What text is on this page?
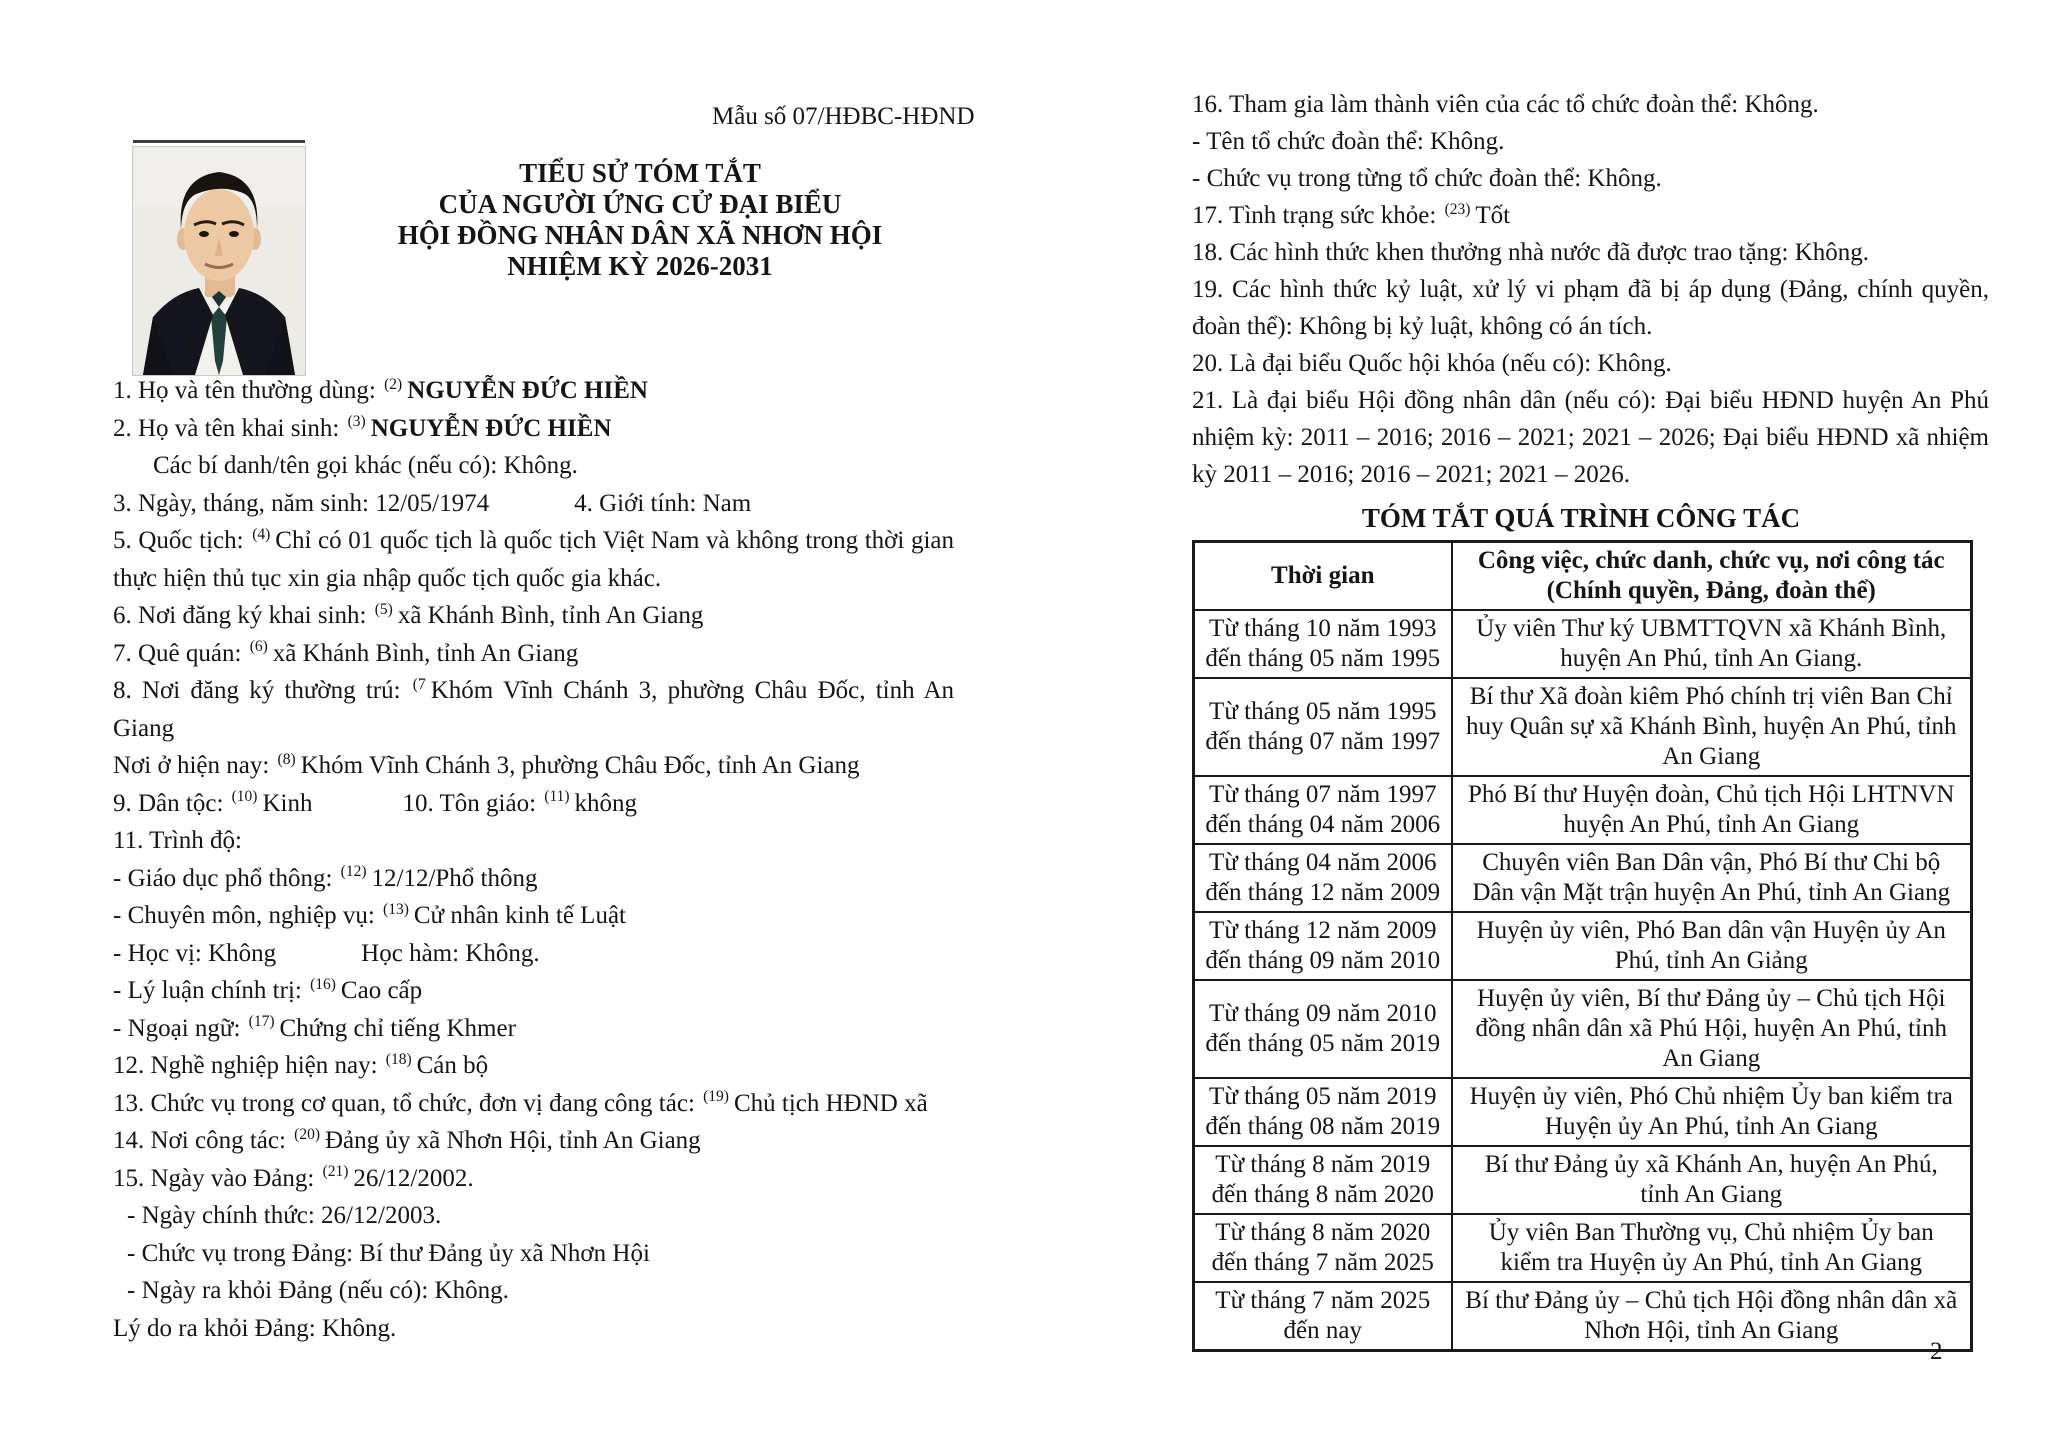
Mẫu số 07/HĐBC-HĐND

TIỂU SỬ TÓM TẮT

CỦA NGƯỜI ỨNG CỬ ĐẠI BIỂU

HỘI ĐỒNG NHÂN DÂN XÃ NHƠN HỘI

NHIỆM KỲ 2026-2031

1. Họ và tên thường dùng: $^{(2)}$ NGUYỄN ĐỨC HIỀN

2. Họ và tên khai sinh: $^{(3)}$ NGUYỄN ĐỨC HIỀN

Các bí danh/tên gọi khác (nếu có): Không.

3. Ngày, tháng, năm sinh: 12/05/1974	4. Giới tính: Nam

5. Quốc tịch: $^{(4)}$ Chỉ có 01 quốc tịch là quốc tịch Việt Nam và không trong thời gian thực hiện thủ tục xin gia nhập quốc tịch quốc gia khác.

6. Nơi đăng ký khai sinh: $^{(5)}$ xã Khánh Bình, tỉnh An Giang

7. Quê quán: $^{(6)}$ xã Khánh Bình, tỉnh An Giang

8. Nơi đăng ký thường trú: $^{(7}$ Khóm Vĩnh Chánh 3, phường Châu Đốc, tỉnh An Giang

Nơi ở hiện nay: $^{(8)}$ Khóm Vĩnh Chánh 3, phường Châu Đốc, tỉnh An Giang

9. Dân tộc: $^{(10)}$ Kinh	10. Tôn giáo: $^{(11)}$ không

11. Trình độ:

- Giáo dục phổ thông: $^{(12)}$ 12/12/Phổ thông

- Chuyên môn, nghiệp vụ: $^{(13)}$ Cử nhân kinh tế Luật

- Học vị: Không	Học hàm: Không.

- Lý luận chính trị: $^{(16)}$ Cao cấp

- Ngoại ngữ: $^{(17)}$ Chứng chỉ tiếng Khmer

12. Nghề nghiệp hiện nay: $^{(18)}$ Cán bộ

13. Chức vụ trong cơ quan, tổ chức, đơn vị đang công tác: $^{(19)}$ Chủ tịch HĐND xã

14. Nơi công tác: $^{(20)}$ Đảng ủy xã Nhơn Hội, tỉnh An Giang

15. Ngày vào Đảng: $^{(21)}$ 26/12/2002.

- Ngày chính thức: 26/12/2003.

- Chức vụ trong Đảng: Bí thư Đảng ủy xã Nhơn Hội

- Ngày ra khỏi Đảng (nếu có): Không.

Lý do ra khỏi Đảng: Không.

16. Tham gia làm thành viên của các tổ chức đoàn thể: Không.

- Tên tổ chức đoàn thể: Không.

- Chức vụ trong từng tổ chức đoàn thể: Không.

17. Tình trạng sức khỏe: $^{(23)}$ Tốt

18. Các hình thức khen thưởng nhà nước đã được trao tặng: Không.

19. Các hình thức kỷ luật, xử lý vi phạm đã bị áp dụng (Đảng, chính quyền, đoàn thể): Không bị kỷ luật, không có án tích.

20. Là đại biểu Quốc hội khóa (nếu có): Không.

21. Là đại biểu Hội đồng nhân dân (nếu có): Đại biểu HĐND huyện An Phú nhiệm kỳ: 2011 – 2016; 2016 – 2021; 2021 – 2026; Đại biểu HĐND xã nhiệm kỳ 2011 – 2016; 2016 – 2021; 2021 – 2026.

TÓM TẮT QUÁ TRÌNH CÔNG TÁC
Thời gian	Công việc, chức danh, chức vụ, nơi công tác
(Chính quyền, Đảng, đoàn thể)

Từ tháng 10 năm 1993 đến tháng 05 năm 1995	Ủy viên Thư ký UBMTTQVN xã Khánh Bình, huyện An Phú, tỉnh An Giang.
Từ tháng 05 năm 1995 đến tháng 07 năm 1997	Bí thư Xã đoàn kiêm Phó chính trị viên Ban Chỉ huy Quân sự xã Khánh Bình, huyện An Phú, tỉnh An Giang
Từ tháng 07 năm 1997 đến tháng 04 năm 2006	Phó Bí thư Huyện đoàn, Chủ tịch Hội LHTNVN huyện An Phú, tỉnh An Giang
Từ tháng 04 năm 2006 đến tháng 12 năm 2009	Chuyên viên Ban Dân vận, Phó Bí thư Chi bộ Dân vận Mặt trận huyện An Phú, tỉnh An Giang
Từ tháng 12 năm 2009 đến tháng 09 năm 2010	Huyện ủy viên, Phó Ban dân vận Huyện ủy An Phú, tỉnh An Giảng
Từ tháng 09 năm 2010 đến tháng 05 năm 2019	Huyện ủy viên, Bí thư Đảng ủy – Chủ tịch Hội đồng nhân dân xã Phú Hội, huyện An Phú, tỉnh An Giang
Từ tháng 05 năm 2019 đến tháng 08 năm 2019	Huyện ủy viên, Phó Chủ nhiệm Ủy ban kiểm tra Huyện ủy An Phú, tỉnh An Giang
Từ tháng 8 năm 2019 đến tháng 8 năm 2020	Bí thư Đảng ủy xã Khánh An, huyện An Phú, tỉnh An Giang
Từ tháng 8 năm 2020 đến tháng 7 năm 2025	Ủy viên Ban Thường vụ, Chủ nhiệm Ủy ban kiểm tra Huyện ủy An Phú, tỉnh An Giang
Từ tháng 7 năm 2025 đến nay	Bí thư Đảng ủy – Chủ tịch Hội đồng nhân dân xã Nhơn Hội, tỉnh An Giang
2
